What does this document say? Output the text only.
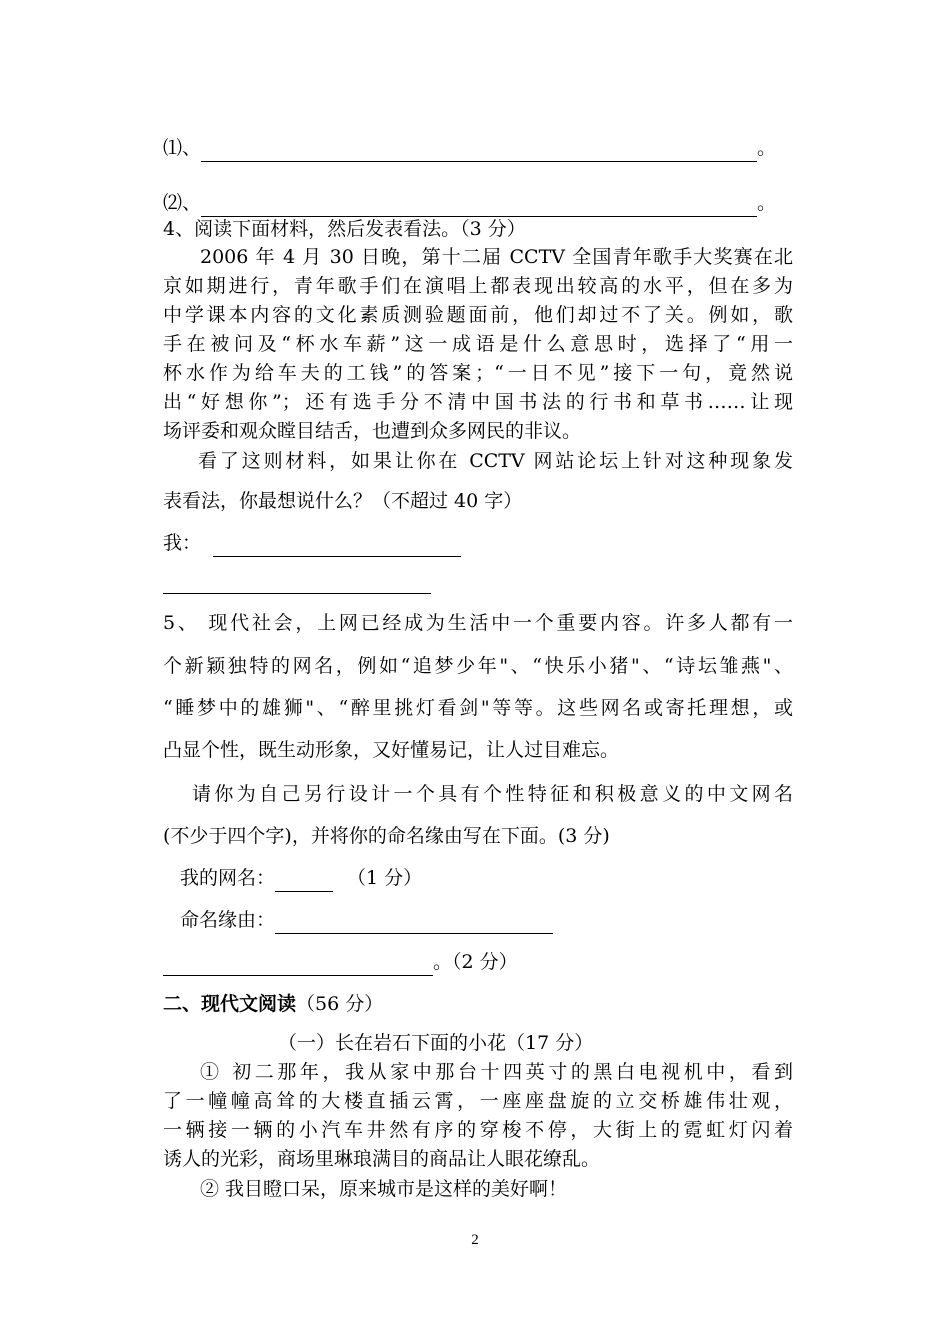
⑴、	。
⑵、	。
4、阅读下面材料，然后发表看法。（3 分）
2006 年 4 月 30 日晚，第十二届 CCTV 全国青年歌手大奖赛在北
京如期进行，青年歌手们在演唱上都表现出较高的水平，但在多为
中学课本内容的文化素质测验题面前，他们却过不了关。例如，歌
手在被问及“杯水车薪”这一成语是什么意思时，选择了“用一
杯水作为给车夫的工钱”的答案；“一日不见”接下一句，竟然说
出“好想你”；还有选手分不清中国书法的行书和草书……让现
场评委和观众瞠目结舌，也遭到众多网民的非议。
看了这则材料，如果让你在 CCTV 网站论坛上针对这种现象发
表看法，你最想说什么？（不超过 40 字）
我：

5、 现代社会，上网已经成为生活中一个重要内容。许多人都有一
个新颖独特的网名，例如“追梦少年"、“快乐小猪"、“诗坛雏燕"、
“睡梦中的雄狮"、“醉里挑灯看剑"等等。这些网名或寄托理想，或
凸显个性，既生动形象，又好懂易记，让人过目难忘。
请你为自己另行设计一个具有个性特征和积极意义的中文网名
(不少于四个字)，并将你的命名缘由写在下面。(3 分)
我的网名：	（1 分）
命名缘由：
。（2 分）
二、现代文阅读（56 分）
（一）长在岩石下面的小花（17 分）
① 初二那年，我从家中那台十四英寸的黑白电视机中，看到
了一幢幢高耸的大楼直插云霄，一座座盘旋的立交桥雄伟壮观，
一辆接一辆的小汽车井然有序的穿梭不停，大街上的霓虹灯闪着
诱人的光彩，商场里琳琅满目的商品让人眼花缭乱。
② 我目瞪口呆，原来城市是这样的美好啊！
2
